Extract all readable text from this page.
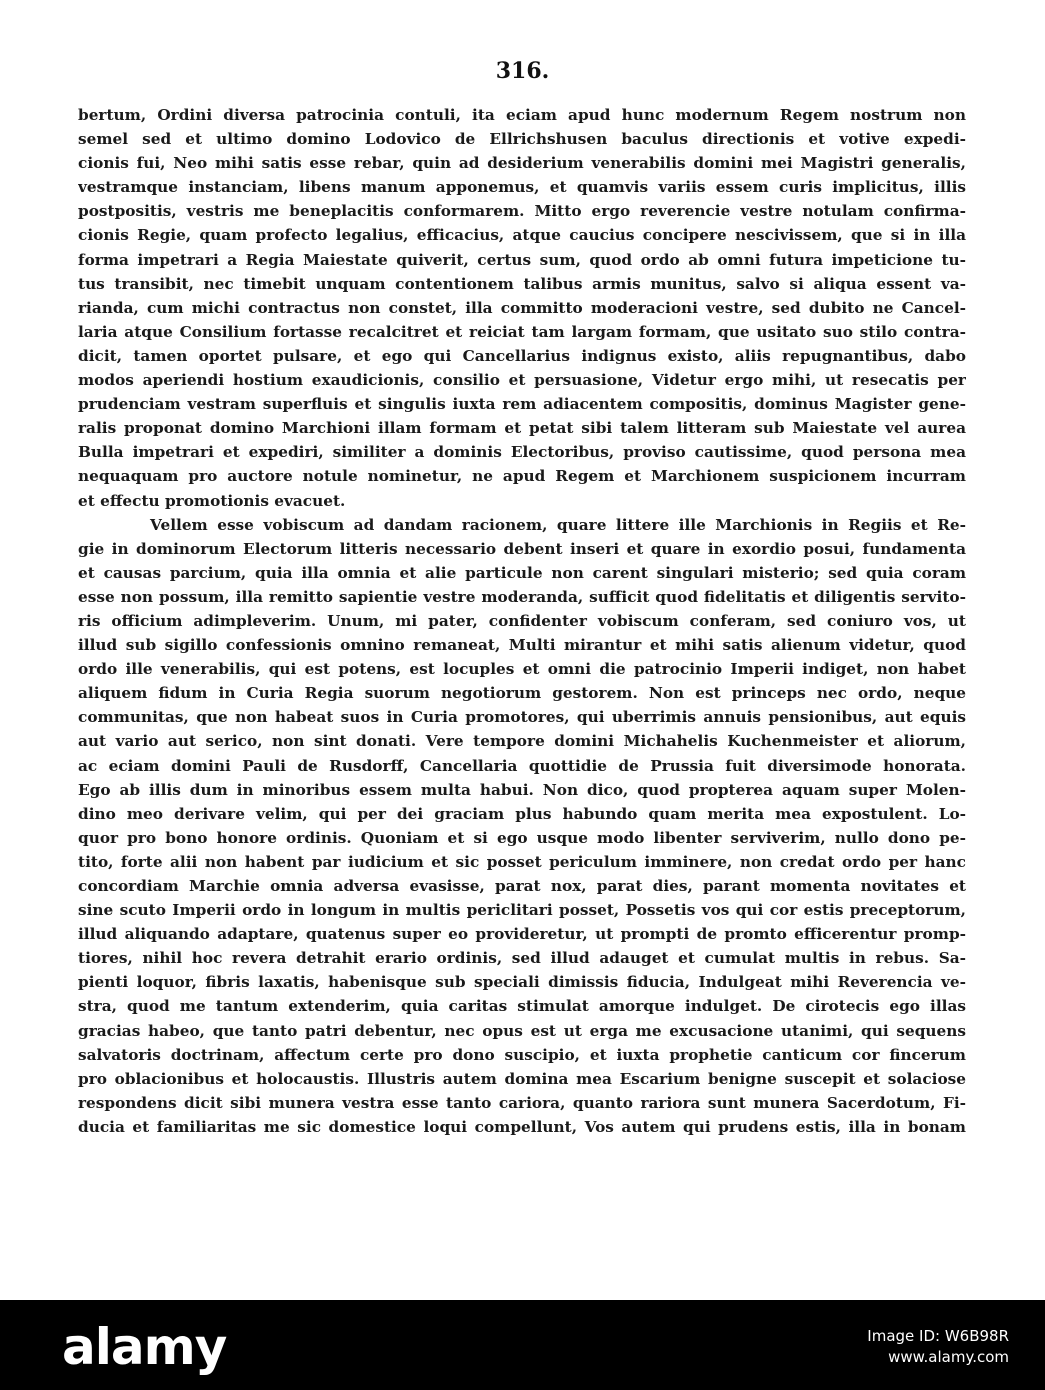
316.
bertum, Ordini diversa patrocinia contuli, ita eciam apud hunc modernum Regem nostrum non
semel sed et ultimo domino Lodovico de Ellrichshusen baculus directionis et votive expedi-
cionis fui, Neo mihi satis esse rebar, quin ad desiderium venerabilis domini mei Magistri generalis,
vestramque instanciam, libens manum apponemus, et quamvis variis essem curis implicitus, illis
postpositis, vestris me beneplacitis conformarem. Mitto ergo reverencie vestre notulam confirma-
cionis Regie, quam profecto legalius, efficacius, atque caucius concipere nescivissem, que si in illa
forma impetrari a Regia Maiestate quiverit, certus sum, quod ordo ab omni futura impeticione tu-
tus transibit, nec timebit unquam contentionem talibus armis munitus, salvo si aliqua essent va-
rianda, cum michi contractus non constet, illa committo moderacioni vestre, sed dubito ne Cancel-
laria atque Consilium fortasse recalcitret et reiciat tam largam formam, que usitato suo stilo contra-
dicit, tamen oportet pulsare, et ego qui Cancellarius indignus existo, aliis repugnantibus, dabo
modos aperiendi hostium exaudicionis, consilio et persuasione, Videtur ergo mihi, ut resecatis per
prudenciam vestram superfluis et singulis iuxta rem adiacentem compositis, dominus Magister gene-
ralis proponat domino Marchioni illam formam et petat sibi talem litteram sub Maiestate vel aurea
Bulla impetrari et expediri, similiter a dominis Electoribus, proviso cautissime, quod persona mea
nequaquam pro auctore notule nominetur, ne apud Regem et Marchionem suspicionem incurram
et effectu promotionis evacuet.
Vellem esse vobiscum ad dandam racionem, quare littere ille Marchionis in Regiis et Re-
gie in dominorum Electorum litteris necessario debent inseri et quare in exordio posui, fundamenta
et causas parcium, quia illa omnia et alie particule non carent singulari misterio; sed quia coram
esse non possum, illa remitto sapientie vestre moderanda, sufficit quod fidelitatis et diligentis servito-
ris officium adimpleverim. Unum, mi pater, confidenter vobiscum conferam, sed coniuro vos, ut
illud sub sigillo confessionis omnino remaneat, Multi mirantur et mihi satis alienum videtur, quod
ordo ille venerabilis, qui est potens, est locuples et omni die patrocinio Imperii indiget, non habet
aliquem fidum in Curia Regia suorum negotiorum gestorem. Non est princeps nec ordo, neque
communitas, que non habeat suos in Curia promotores, qui uberrimis annuis pensionibus, aut equis
aut vario aut serico, non sint donati. Vere tempore domini Michahelis Kuchenmeister et aliorum,
ac eciam domini Pauli de Rusdorff, Cancellaria quottidie de Prussia fuit diversimode honorata.
Ego ab illis dum in minoribus essem multa habui. Non dico, quod propterea aquam super Molen-
dino meo derivare velim, qui per dei graciam plus habundo quam merita mea expostulent. Lo-
quor pro bono honore ordinis. Quoniam et si ego usque modo libenter serviverim, nullo dono pe-
tito, forte alii non habent par iudicium et sic posset periculum imminere, non credat ordo per hanc
concordiam Marchie omnia adversa evasisse, parat nox, parat dies, parant momenta novitates et
sine scuto Imperii ordo in longum in multis periclitari posset, Possetis vos qui cor estis preceptorum,
illud aliquando adaptare, quatenus super eo provideretur, ut prompti de promto efficerentur promp-
tiores, nihil hoc revera detrahit erario ordinis, sed illud adauget et cumulat multis in rebus. Sa-
pienti loquor, fibris laxatis, habenisque sub speciali dimissis fiducia, Indulgeat mihi Reverencia ve-
stra, quod me tantum extenderim, quia caritas stimulat amorque indulget. De cirotecis ego illas
gracias habeo, que tanto patri debentur, nec opus est ut erga me excusacione utanimi, qui sequens
salvatoris doctrinam, affectum certe pro dono suscipio, et iuxta prophetie canticum cor fincerum
pro oblacionibus et holocaustis. Illustris autem domina mea Escarium benigne suscepit et solaciose
respondens dicit sibi munera vestra esse tanto cariora, quanto rariora sunt munera Sacerdotum, Fi-
ducia et familiaritas me sic domestice loqui compellunt, Vos autem qui prudens estis, illa in bonam
alamy	Image ID: W6B98R
www.alamy.com
